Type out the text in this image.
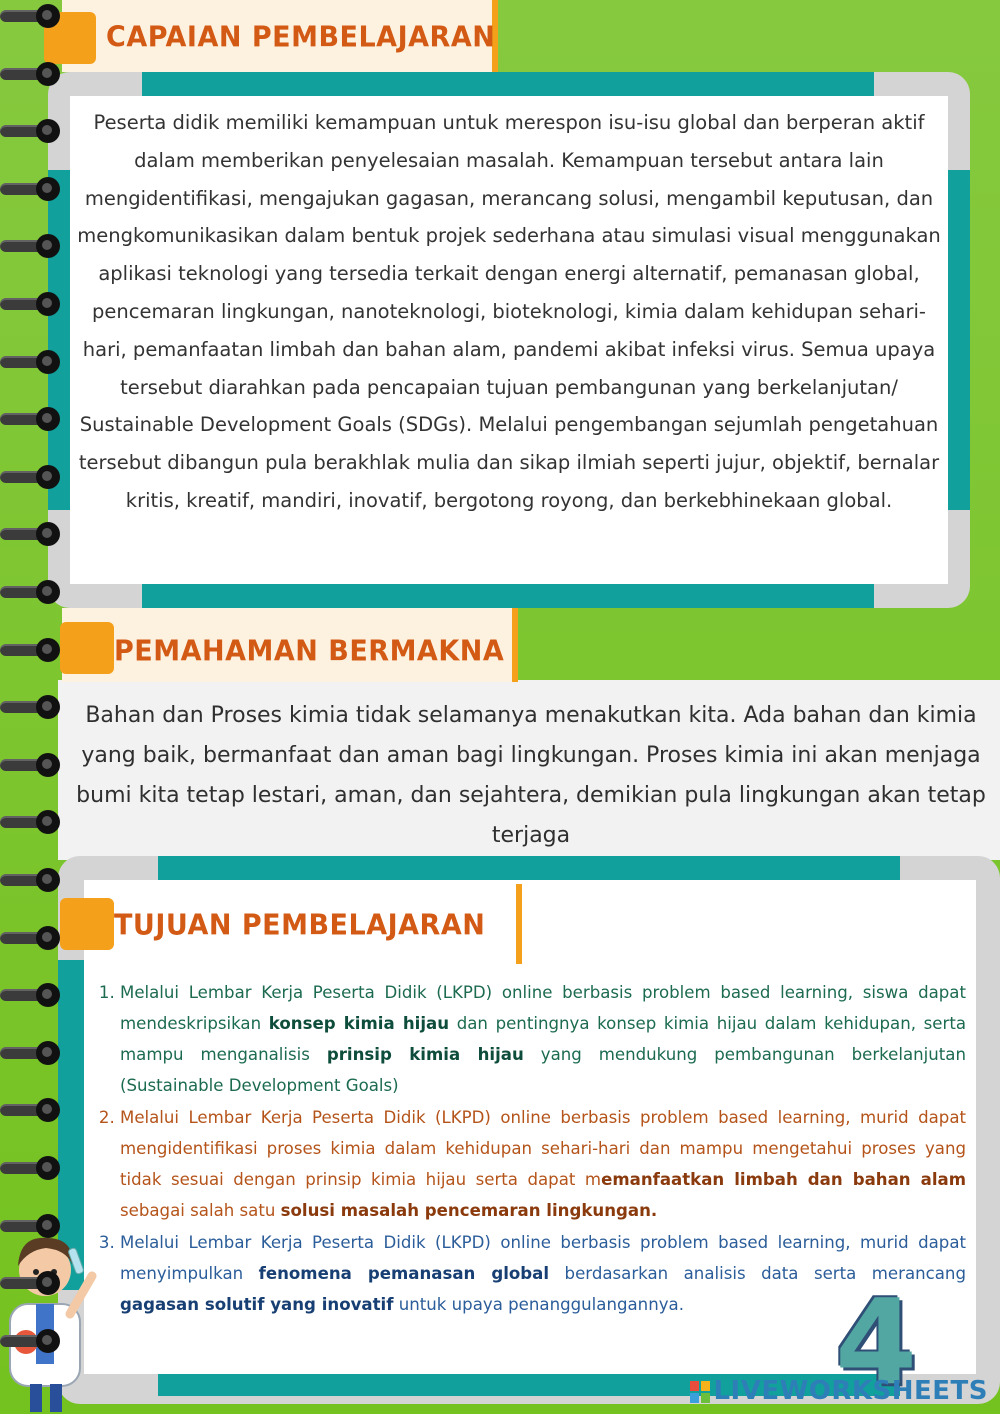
Peserta didik memiliki kemampuan untuk merespon isu-isu global dan berperan aktif dalam memberikan penyelesaian masalah. Kemampuan tersebut antara lain mengidentifikasi, mengajukan gagasan, merancang solusi, mengambil keputusan, dan mengkomunikasikan dalam bentuk projek sederhana atau simulasi visual menggunakan aplikasi teknologi yang tersedia terkait dengan energi alternatif, pemanasan global, pencemaran lingkungan, nanoteknologi, bioteknologi, kimia dalam kehidupan sehari-hari, pemanfaatan limbah dan bahan alam, pandemi akibat infeksi virus. Semua upaya tersebut diarahkan pada pencapaian tujuan pembangunan yang berkelanjutan/ Sustainable Development Goals (SDGs). Melalui pengembangan sejumlah pengetahuan tersebut dibangun pula berakhlak mulia dan sikap ilmiah seperti jujur, objektif, bernalar kritis, kreatif, mandiri, inovatif, bergotong royong, dan berkebhinekaan global.
CAPAIAN PEMBELAJARAN
PEMAHAMAN BERMAKNA
Bahan dan Proses kimia tidak selamanya menakutkan kita. Ada bahan dan kimia yang baik, bermanfaat dan aman bagi lingkungan. Proses kimia ini akan menjaga bumi kita tetap lestari, aman, dan sejahtera, demikian pula lingkungan akan tetap terjaga
TUJUAN PEMBELAJARAN
1. Melalui Lembar Kerja Peserta Didik (LKPD) online berbasis problem based learning, siswa dapat mendeskripsikan konsep kimia hijau dan pentingnya konsep kimia hijau dalam kehidupan, serta mampu menganalisis prinsip kimia hijau yang mendukung pembangunan berkelanjutan (Sustainable Development Goals)
2. Melalui Lembar Kerja Peserta Didik (LKPD) online berbasis problem based learning, murid dapat mengidentifikasi proses kimia dalam kehidupan sehari-hari dan mampu mengetahui proses yang tidak sesuai dengan prinsip kimia hijau serta dapat memanfaatkan limbah dan bahan alam sebagai salah satu solusi masalah pencemaran lingkungan.
3. Melalui Lembar Kerja Peserta Didik (LKPD) online berbasis problem based learning, murid dapat menyimpulkan fenomena pemanasan global berdasarkan analisis data serta merancang gagasan solutif yang inovatif untuk upaya penanggulangannya.	4
LIVEWORKSHEETS
